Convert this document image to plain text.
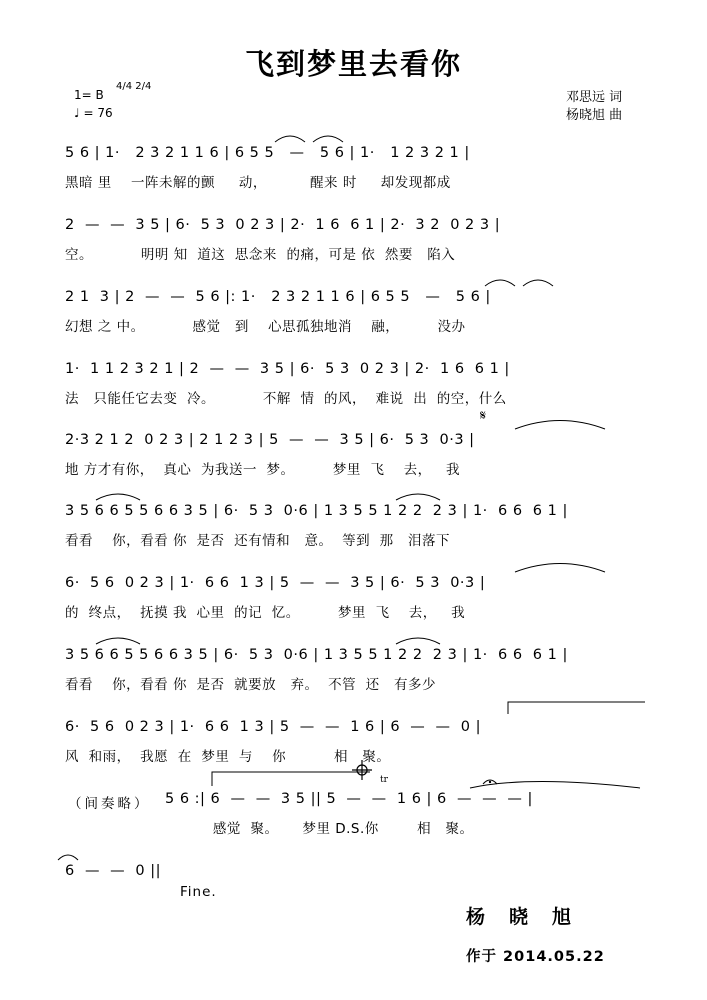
飞到梦里去看你
1= B
4/4 2/4
♩ = 76
邓思远 词
杨晓旭 曲
5 6 | 1·   2 3 2 1 1 6 | 6 5 5   —   5 6 | 1·   1 2 3 2 1 |
黑暗 里    一阵未解的颤     动，         醒来 时     却发现都成
2  —  —  3 5 | 6·  5 3  0 2 3 | 2·  1 6  6 1 | 2·  3 2  0 2 3 |
空。          明明 知  道这  思念来  的痛，可是 依  然要   陷入
2 1  3 | 2  —  —  5 6 |: 1·   2 3 2 1 1 6 | 6 5 5   —   5 6 |
幻想 之 中。          感觉   到    心思孤独地消    融，        没办
1·  1 1 2 3 2 1 | 2  —  —  3 5 | 6·  5 3  0 2 3 | 2·  1 6  6 1 |
法   只能任它去变  冷。          不解  情  的风，  难说  出  的空，什么
2·3 2 1 2  0 2 3 | 2 1 2 3 | 5  —  —  3 5 | 6·  5 3  0·3 |
地 方才有你，  真心  为我送一  梦。        梦里  飞    去，   我
3 5 6 6 5 5 6 6 3 5 | 6·  5 3  0·6 | 1 3 5 5 1 2 2  2 3 | 1·  6 6  6 1 |
看看    你，看看 你  是否  还有情和   意。  等到  那   泪落下
6·  5 6  0 2 3 | 1·  6 6  1 3 | 5  —  —  3 5 | 6·  5 3  0·3 |
的  终点，  抚摸 我  心里  的记  忆。        梦里  飞    去，   我
3 5 6 6 5 5 6 6 3 5 | 6·  5 3  0·6 | 1 3 5 5 1 2 2  2 3 | 1·  6 6  6 1 |
看看    你，看看 你  是否  就要放   弃。  不管  还   有多少
6·  5 6  0 2 3 | 1·  6 6  1 3 | 5  —  —  1 6 | 6  —  —  0 |
风  和雨，  我愿  在  梦里  与    你          相   聚。
（间奏略） 5 6 :| 6  —  —  3 5 || 5  —  —  1 6 | 6  —  —  — |
感觉  聚。     梦里 D.S.你        相   聚。
6  —  —  0 ||
Fine.
杨晓旭
作于 2014.05.22
𝄋
tr
